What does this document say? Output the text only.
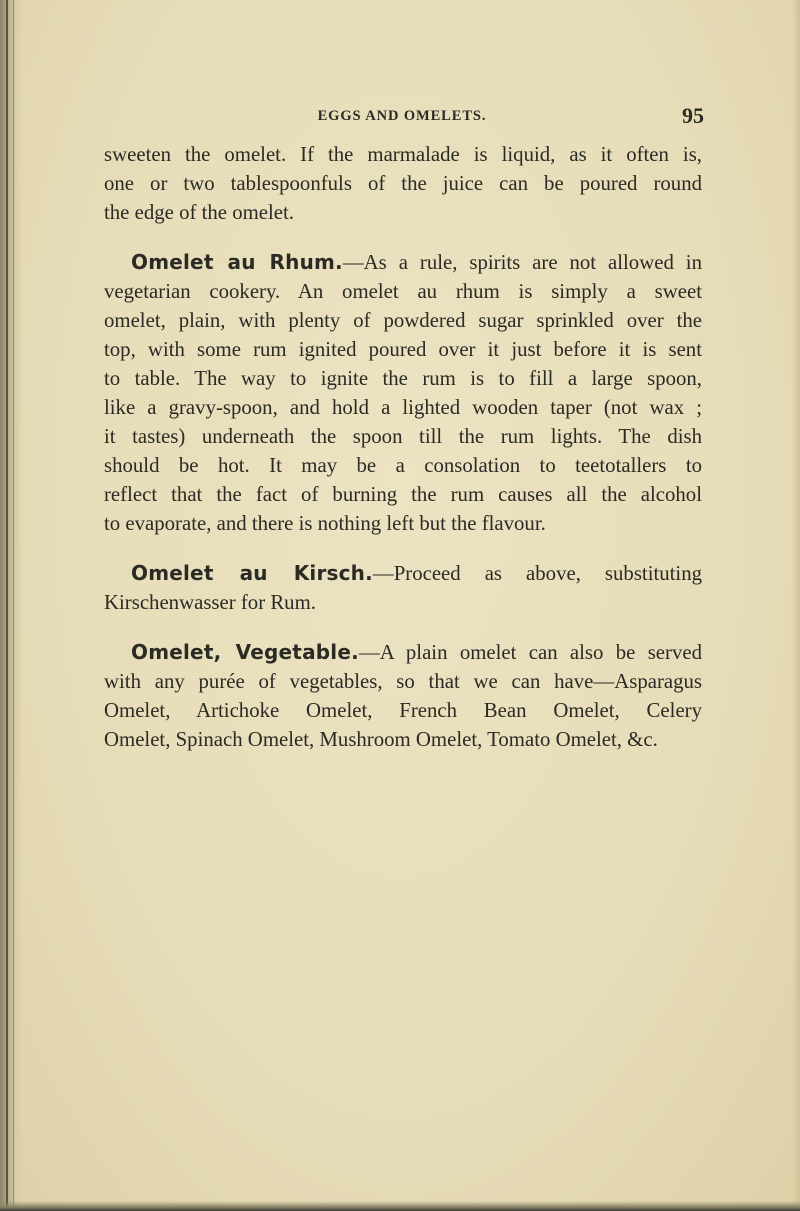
EGGS AND OMELETS.	95
sweeten the omelet. If the marmalade is liquid, as it often is,
one or two tablespoonfuls of the juice can be poured round
the edge of the omelet.
Omelet au Rhum.—As a rule, spirits are not allowed in
vegetarian cookery. An omelet au rhum is simply a sweet
omelet, plain, with plenty of powdered sugar sprinkled over the
top, with some rum ignited poured over it just before it is sent
to table. The way to ignite the rum is to fill a large spoon,
like a gravy-spoon, and hold a lighted wooden taper (not wax ;
it tastes) underneath the spoon till the rum lights. The dish
should be hot. It may be a consolation to teetotallers to
reflect that the fact of burning the rum causes all the alcohol
to evaporate, and there is nothing left but the flavour.
Omelet au Kirsch.—Proceed as above, substituting
Kirschenwasser for Rum.
Omelet, Vegetable.—A plain omelet can also be served
with any purée of vegetables, so that we can have—Asparagus
Omelet, Artichoke Omelet, French Bean Omelet, Celery
Omelet, Spinach Omelet, Mushroom Omelet, Tomato Omelet, &c.
